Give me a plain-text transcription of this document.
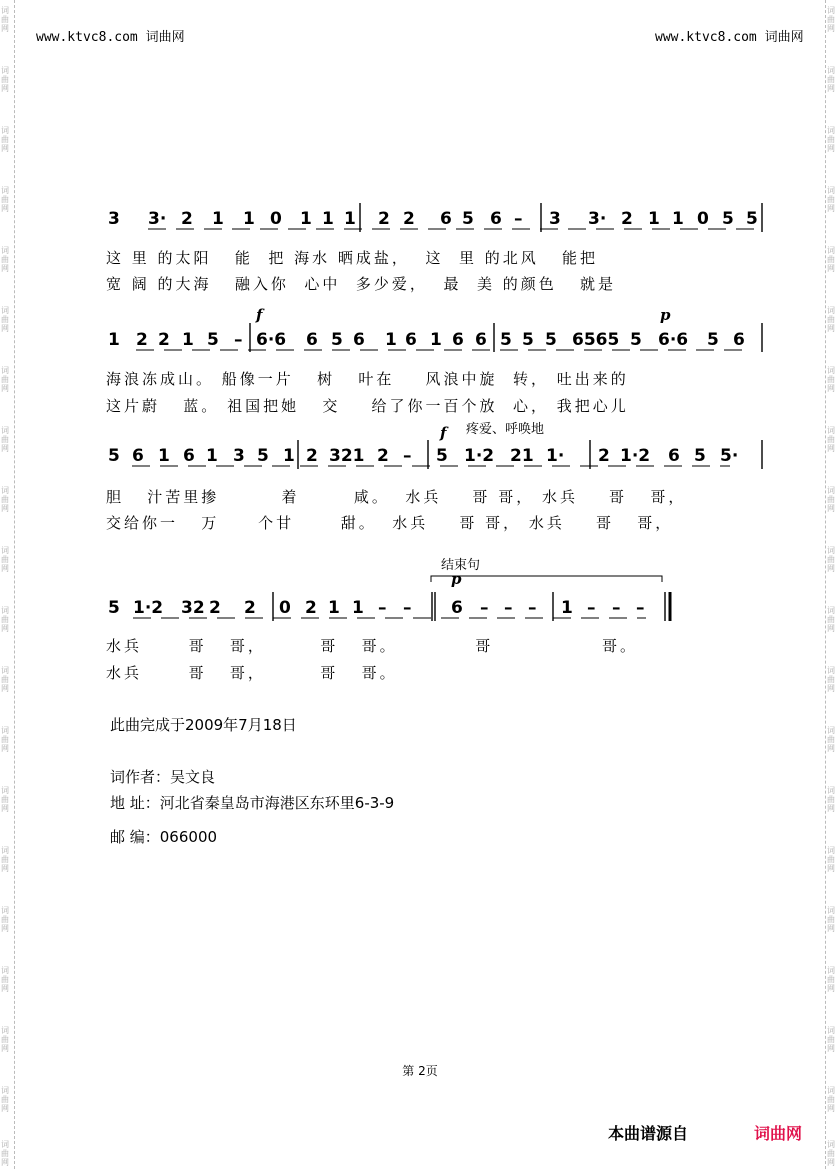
词曲网
词曲网
词曲网
词曲网
词曲网
词曲网
词曲网
词曲网
词曲网
词曲网
词曲网
词曲网
词曲网
词曲网
词曲网
词曲网
词曲网
词曲网
词曲网
词曲网
词曲网
词曲网
词曲网
词曲网
词曲网
词曲网
词曲网
词曲网
词曲网
词曲网
词曲网
词曲网
词曲网
词曲网
词曲网
词曲网
词曲网
词曲网
词曲网
词曲网
www.ktvc8.com 词曲网	www.ktvc8.com 词曲网
3 3· 2 1 1 0 1 1 1 2 2 6 5 6 – 3 3· 2 1 1 0 5 5
1 2 2 1 5 – 6·6 6 5 6 1 6 1 6 6 5 5 5 6565 5 6·6 5 6
5 6 1 6 1 3 5 1 2 321 2 – 5 1·2 21 1· 2 1·2 6 5 5·
5 1·2 32 2 2 0 2 1 1 – – 6 – – – 1 – – –
f	p
f
p
疼爱、呼唤地
结束句
这 里 的太阳   能  把 海水 晒成盐，  这  里 的北风   能把
宽 阔 的大海   融入你  心中  多少爱，  最  美 的颜色   就是
海浪冻成山。 船像一片   树   叶在    风浪中旋  转， 吐出来的
这片蔚   蓝。 祖国把她   交    给了你一百个放  心， 我把心儿
胆   汁苦里掺        着       咸。  水兵    哥 哥， 水兵    哥   哥，
交给你一   万     个甘      甜。  水兵    哥 哥， 水兵    哥   哥，
水兵      哥   哥，       哥   哥。          哥              哥。
水兵      哥   哥，       哥   哥。
此曲完成于2009年7月18日
词作者：吴文良
地 址：河北省秦皇岛市海港区东环里6-3-9
邮 编：066000
第 2页
本曲谱源自	词曲网
